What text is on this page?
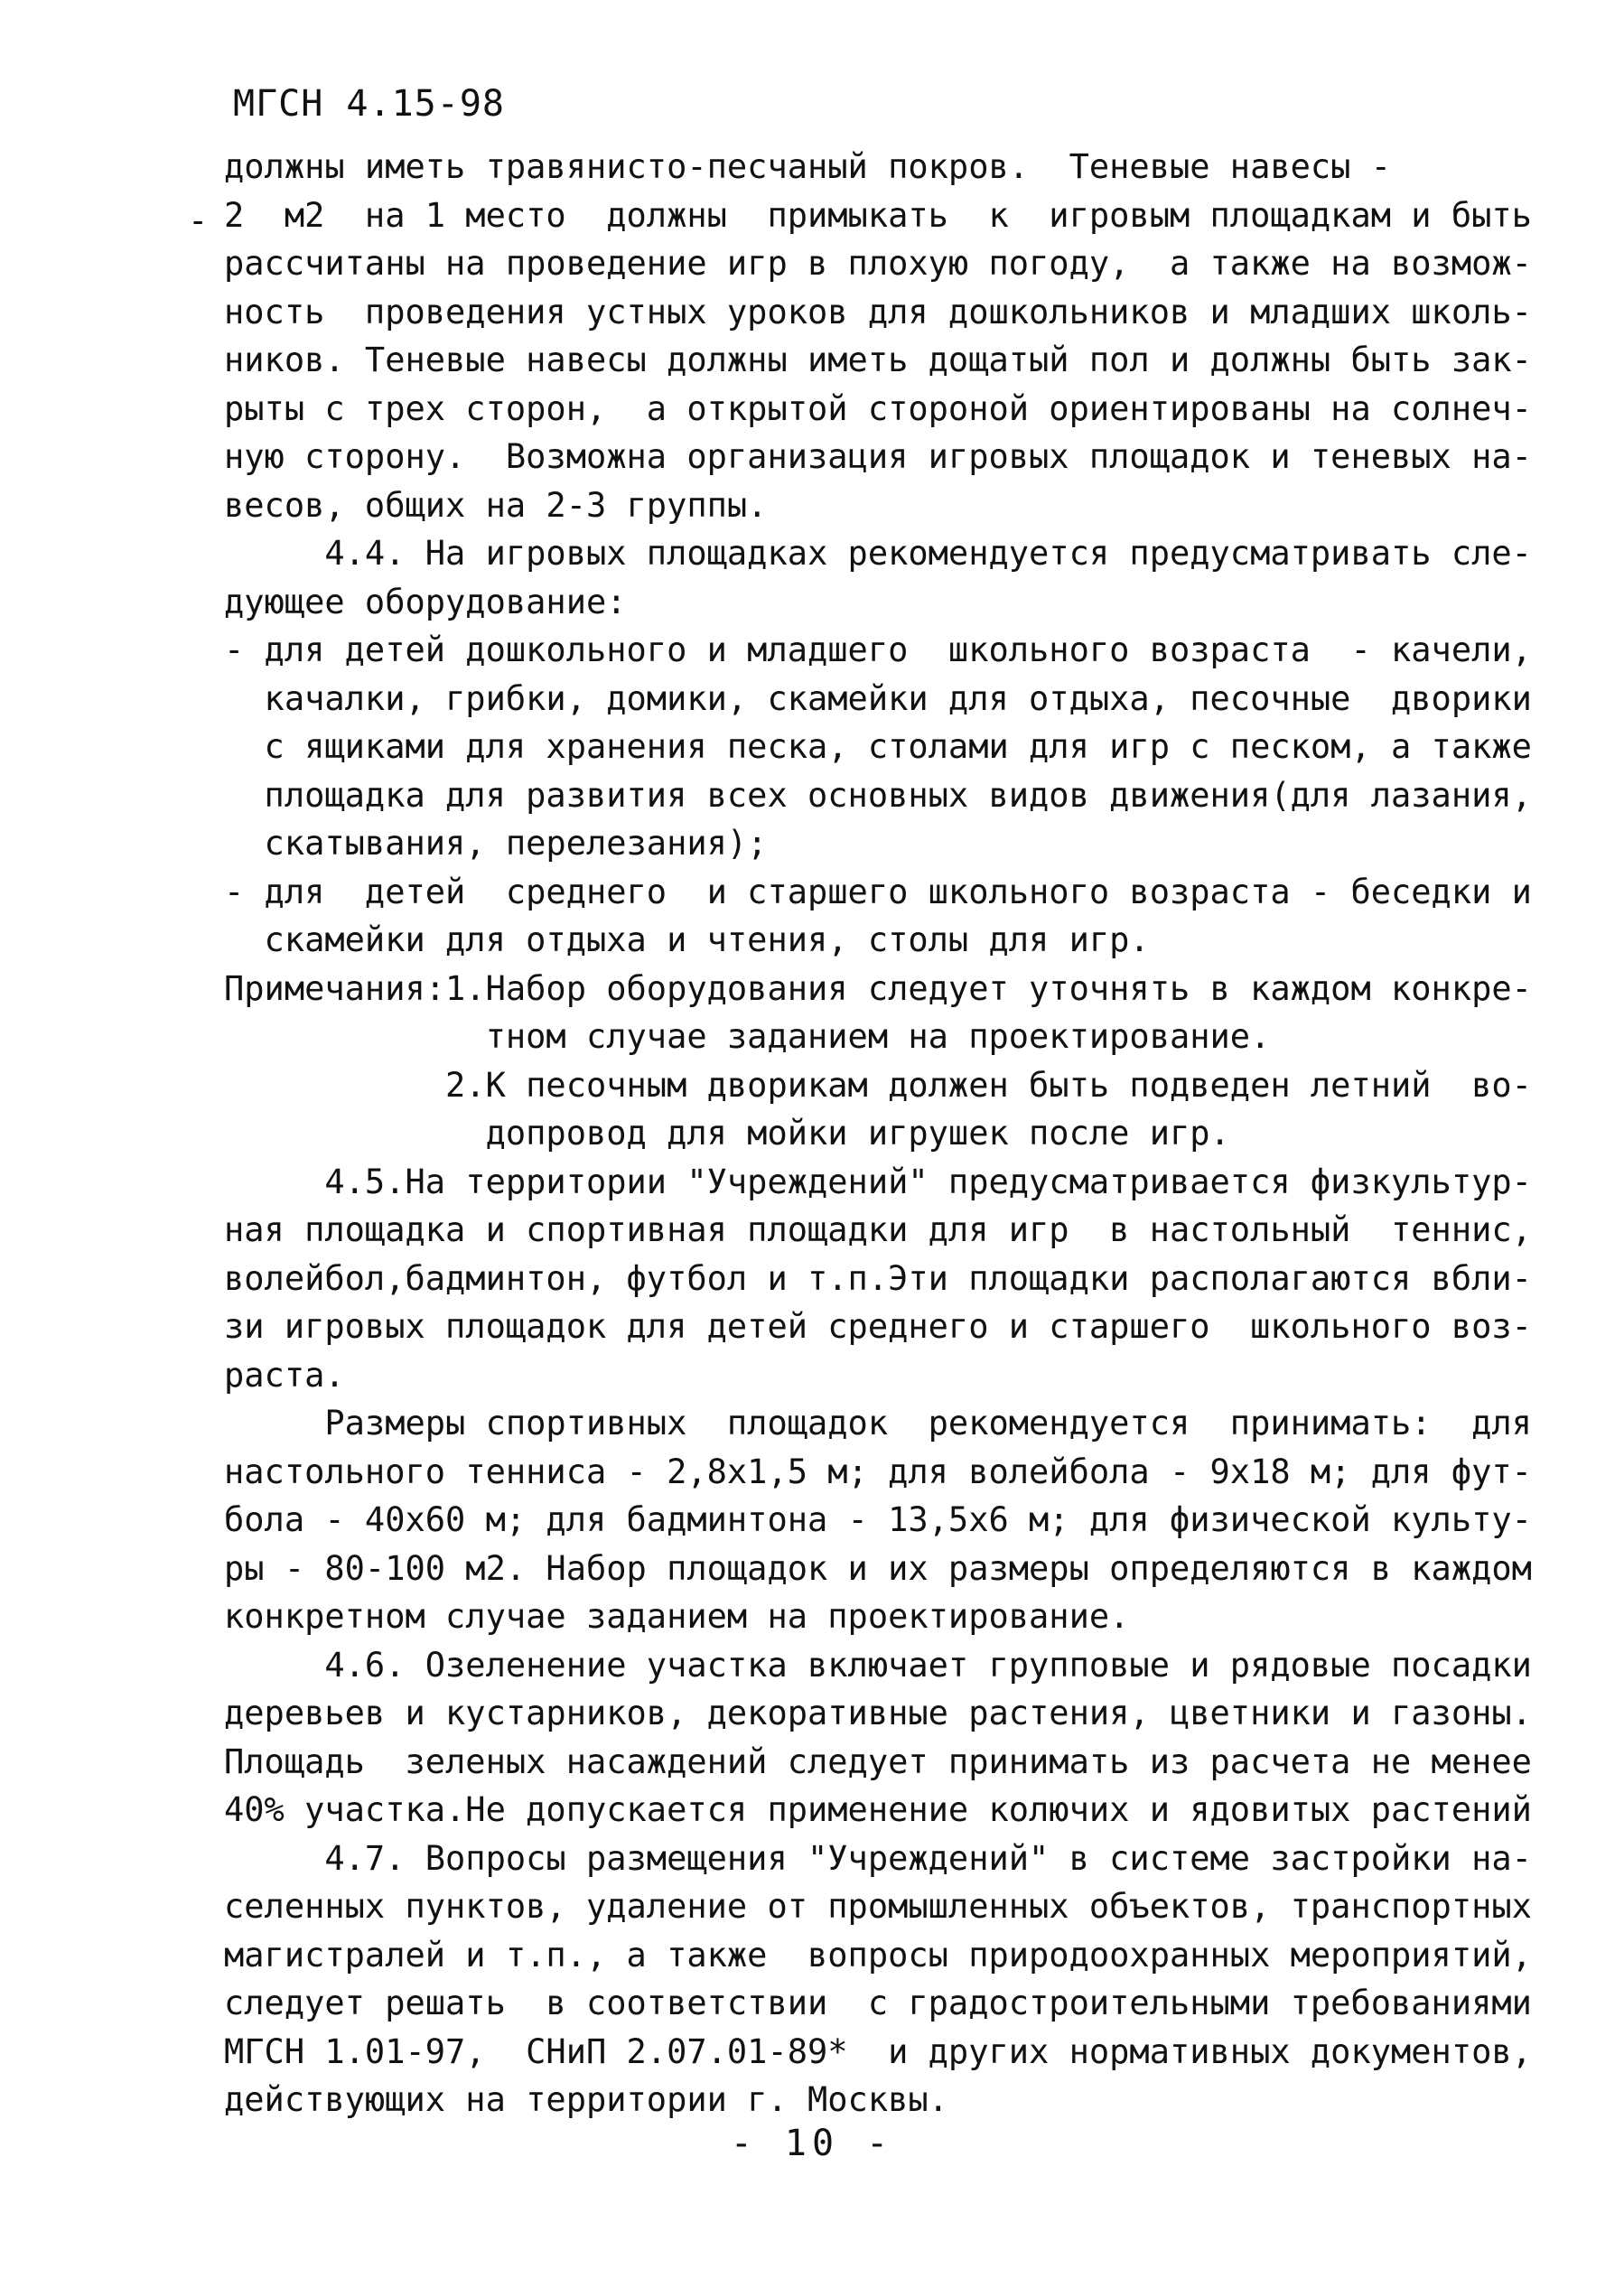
МГСН 4.15-98
-
должны иметь травянисто-песчаный покров.  Теневые навесы -
2  м2  на 1 место  должны  примыкать  к  игровым площадкам и быть
рассчитаны на проведение игр в плохую погоду,  а также на возмож-
ность  проведения устных уроков для дошкольников и младших школь-
ников. Теневые навесы должны иметь дощатый пол и должны быть зак-
рыты с трех сторон,  а открытой стороной ориентированы на солнеч-
ную сторону.  Возможна организация игровых площадок и теневых на-
весов, общих на 2-3 группы.
4.4. На игровых площадках рекомендуется предусматривать сле-
дующее оборудование:
- для детей дошкольного и младшего  школьного возраста  - качели,
качалки, грибки, домики, скамейки для отдыха, песочные  дворики
с ящиками для хранения песка, столами для игр с песком, а также
площадка для развития всех основных видов движения(для лазания,
скатывания, перелезания);
- для  детей  среднего  и старшего школьного возраста - беседки и
скамейки для отдыха и чтения, столы для игр.
Примечания:1.Набор оборудования следует уточнять в каждом конкре-
тном случае заданием на проектирование.
2.К песочным дворикам должен быть подведен летний  во-
допровод для мойки игрушек после игр.
4.5.На территории "Учреждений" предусматривается физкультур-
ная площадка и спортивная площадки для игр  в настольный  теннис,
волейбол,бадминтон, футбол и т.п.Эти площадки располагаются вбли-
зи игровых площадок для детей среднего и старшего  школьного воз-
раста.
Размеры спортивных  площадок  рекомендуется  принимать:  для
настольного тенниса - 2,8х1,5 м; для волейбола - 9х18 м; для фут-
бола - 40х60 м; для бадминтона - 13,5х6 м; для физической культу-
ры - 80-100 м2. Набор площадок и их размеры определяются в каждом
конкретном случае заданием на проектирование.
4.6. Озеленение участка включает групповые и рядовые посадки
деревьев и кустарников, декоративные растения, цветники и газоны.
Площадь  зеленых насаждений следует принимать из расчета не менее
40% участка.Не допускается применение колючих и ядовитых растений
4.7. Вопросы размещения "Учреждений" в системе застройки на-
селенных пунктов, удаление от промышленных объектов, транспортных
магистралей и т.п., а также  вопросы природоохранных мероприятий,
следует решать  в соответствии  с градостроительными требованиями
МГСН 1.01-97,  СНиП 2.07.01-89*  и других нормативных документов,
действующих на территории г. Москвы.
- 10 -
